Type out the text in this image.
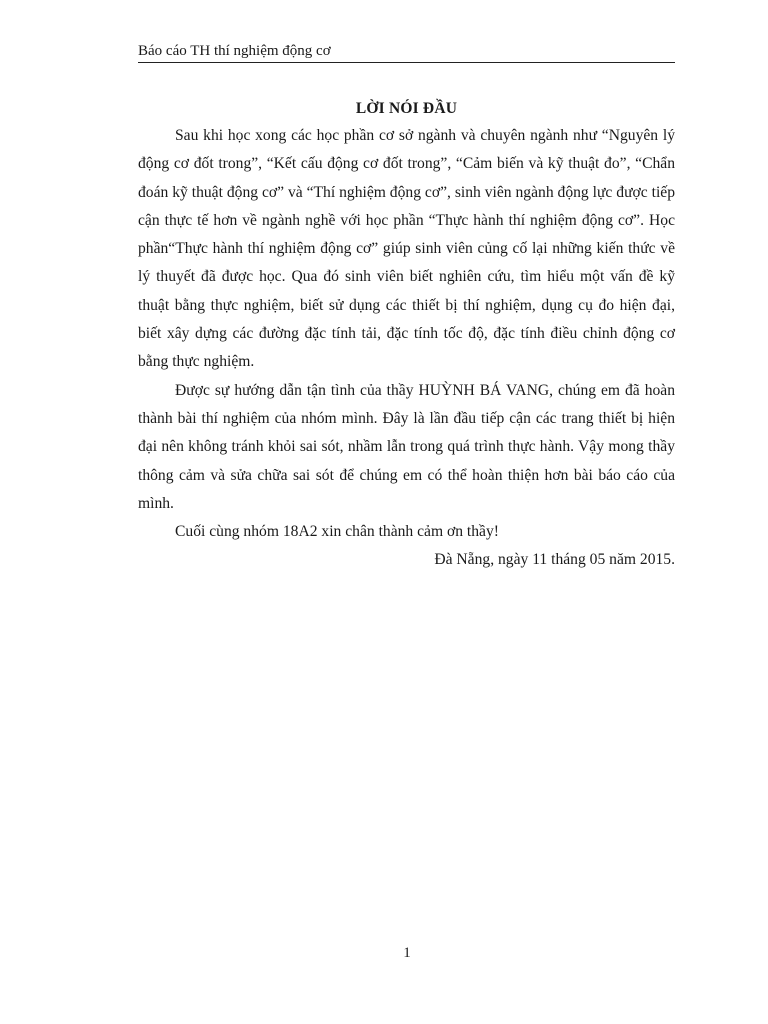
Báo cáo TH thí nghiệm động cơ
LỜI NÓI ĐẦU

Sau khi học xong các học phần cơ sở ngành và chuyên ngành như “Nguyên lý động cơ đốt trong”, “Kết cấu động cơ đốt trong”, “Cảm biến và kỹ thuật đo”, “Chẩn đoán kỹ thuật động cơ” và “Thí nghiệm động cơ”, sinh viên ngành động lực được tiếp cận thực tế hơn về ngành nghề với học phần “Thực hành thí nghiệm động cơ”. Học phần“Thực hành thí nghiệm động cơ” giúp sinh viên củng cố lại những kiến thức về lý thuyết đã được học. Qua đó sinh viên biết nghiên cứu, tìm hiểu một vấn đề kỹ thuật bằng thực nghiệm, biết sử dụng các thiết bị thí nghiệm, dụng cụ đo hiện đại, biết xây dựng các đường đặc tính tải, đặc tính tốc độ, đặc tính điều chỉnh động cơ bằng thực nghiệm.

Được sự hướng dẫn tận tình của thầy HUỲNH BÁ VANG, chúng em đã hoàn thành bài thí nghiệm của nhóm mình. Đây là lần đầu tiếp cận các trang thiết bị hiện đại nên không tránh khỏi sai sót, nhầm lẫn trong quá trình thực hành. Vậy mong thầy thông cảm và sửa chữa sai sót để chúng em có thể hoàn thiện hơn bài báo cáo của mình.

Cuối cùng nhóm 18A2 xin chân thành cảm ơn thầy!

Đà Nẵng, ngày 11 tháng 05 năm 2015.

1
